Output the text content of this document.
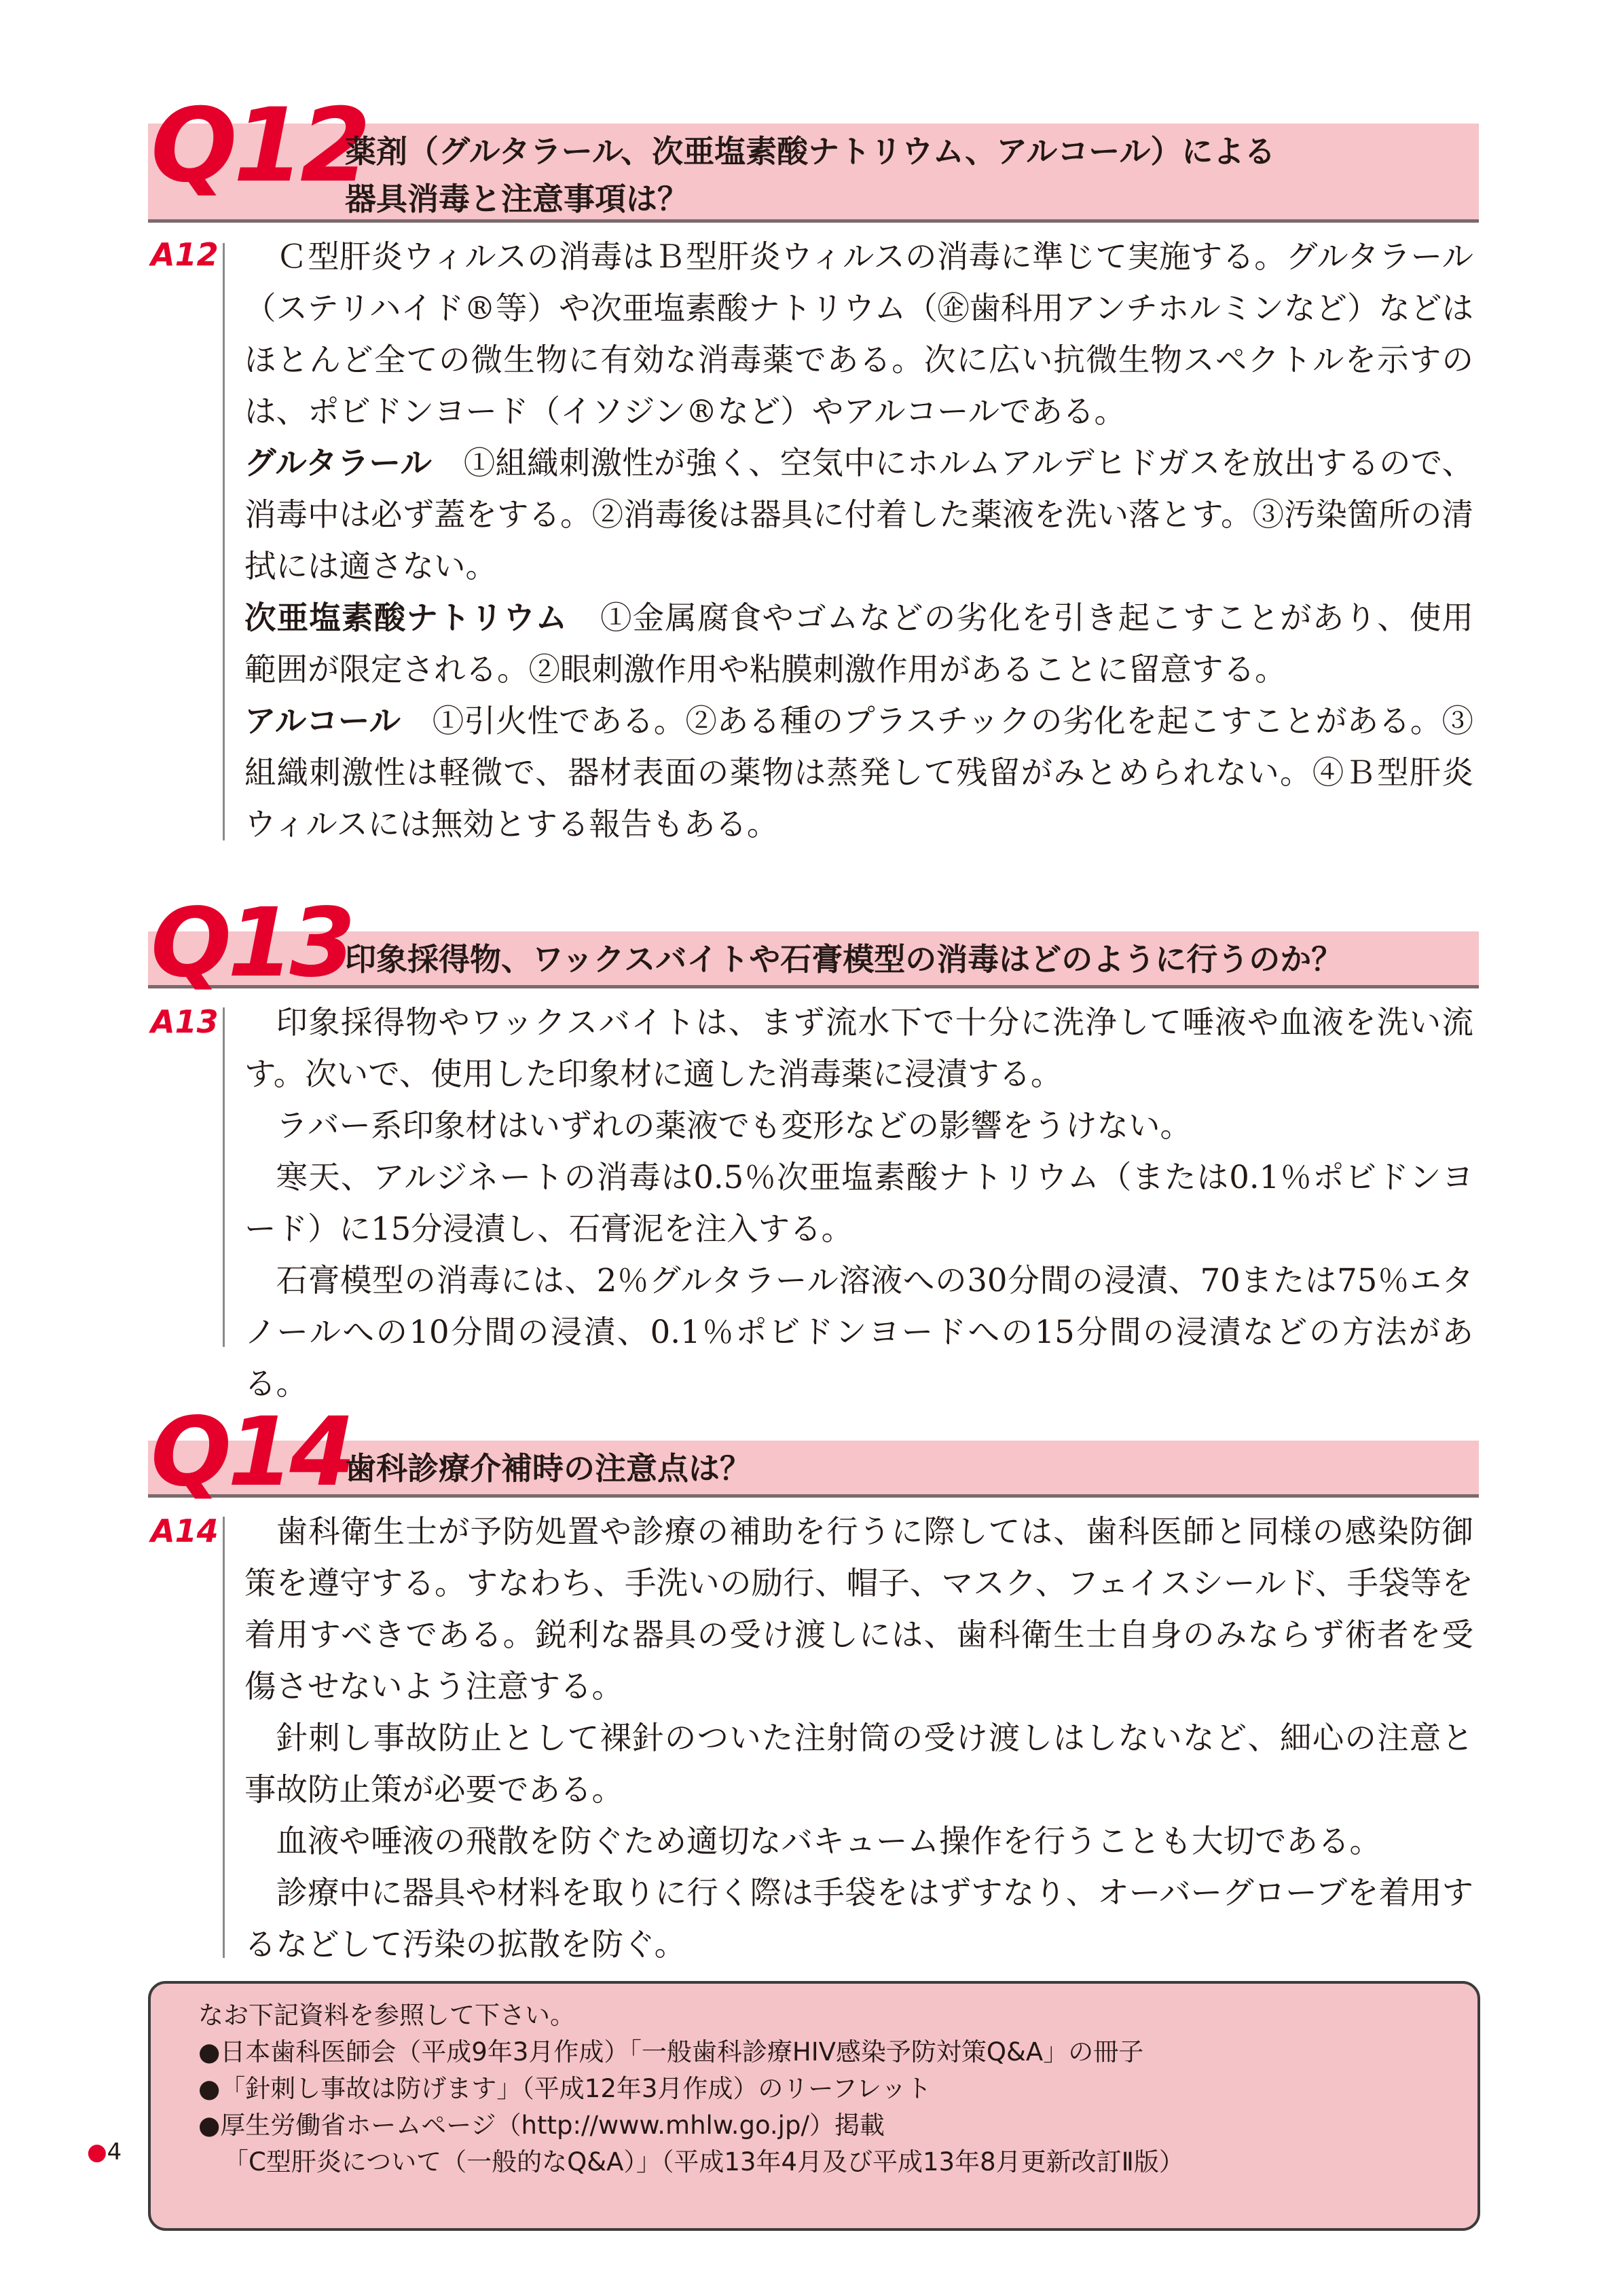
Q12
薬剤（グルタラール、次亜塩素酸ナトリウム、アルコール）による
器具消毒と注意事項は？
A12	Ｃ型肝炎ウィルスの消毒はＢ型肝炎ウィルスの消毒に準じて実施する。グルタラール（ステリハイド®等）や次亜塩素酸ナトリウム（㊭歯科用アンチホルミンなど）などはほとんど全ての微生物に有効な消毒薬である。次に広い抗微生物スペクトルを示すのは、ポビドンヨード（イソジン®など）やアルコールである。

グルタラール　 ①組織刺激性が強く、空気中にホルムアルデヒドガスを放出するので、消毒中は必ず蓋をする。②消毒後は器具に付着した薬液を洗い落とす。③汚染箇所の清拭には適さない。

次亜塩素酸ナトリウム　 ①金属腐食やゴムなどの劣化を引き起こすことがあり、使用範囲が限定される。②眼刺激作用や粘膜刺激作用があることに留意する。

アルコール　 ①引火性である。②ある種のプラスチックの劣化を起こすことがある。③組織刺激性は軽微で、器材表面の薬物は蒸発して残留がみとめられない。④Ｂ型肝炎ウィルスには無効とする報告もある。

Q13
印象採得物、ワックスバイトや石膏模型の消毒はどのように行うのか？
A13	印象採得物やワックスバイトは、まず流水下で十分に洗浄して唾液や血液を洗い流す。次いで、使用した印象材に適した消毒薬に浸漬する。

ラバー系印象材はいずれの薬液でも変形などの影響をうけない。

寒天、アルジネートの消毒は0.5％次亜塩素酸ナトリウム（または0.1％ポビドンヨード）に15分浸漬し、石膏泥を注入する。

石膏模型の消毒には、2％グルタラール溶液への30分間の浸漬、70または75％エタノールへの10分間の浸漬、0.1％ポビドンヨードへの15分間の浸漬などの方法がある。

Q14
歯科診療介補時の注意点は？
A14	歯科衛生士が予防処置や診療の補助を行うに際しては、歯科医師と同様の感染防御策を遵守する。すなわち、手洗いの励行、帽子、マスク、フェイスシールド、手袋等を着用すべきである。鋭利な器具の受け渡しには、歯科衛生士自身のみならず術者を受傷させないよう注意する。

針刺し事故防止として裸針のついた注射筒の受け渡しはしないなど、細心の注意と事故防止策が必要である。

血液や唾液の飛散を防ぐため適切なバキューム操作を行うことも大切である。

診療中に器具や材料を取りに行く際は手袋をはずすなり、オーバーグローブを着用するなどして汚染の拡散を防ぐ。

なお下記資料を参照して下さい。

●日本歯科医師会（平成9年3月作成）「一般歯科診療HIV感染予防対策Q&A」の冊子

●「針刺し事故は防げます」（平成12年3月作成）のリーフレット

●厚生労働省ホームページ（http://www.mhlw.go.jp/）掲載

「C型肝炎について（一般的なQ&A）」（平成13年4月及び平成13年8月更新改訂Ⅱ版）

●4
